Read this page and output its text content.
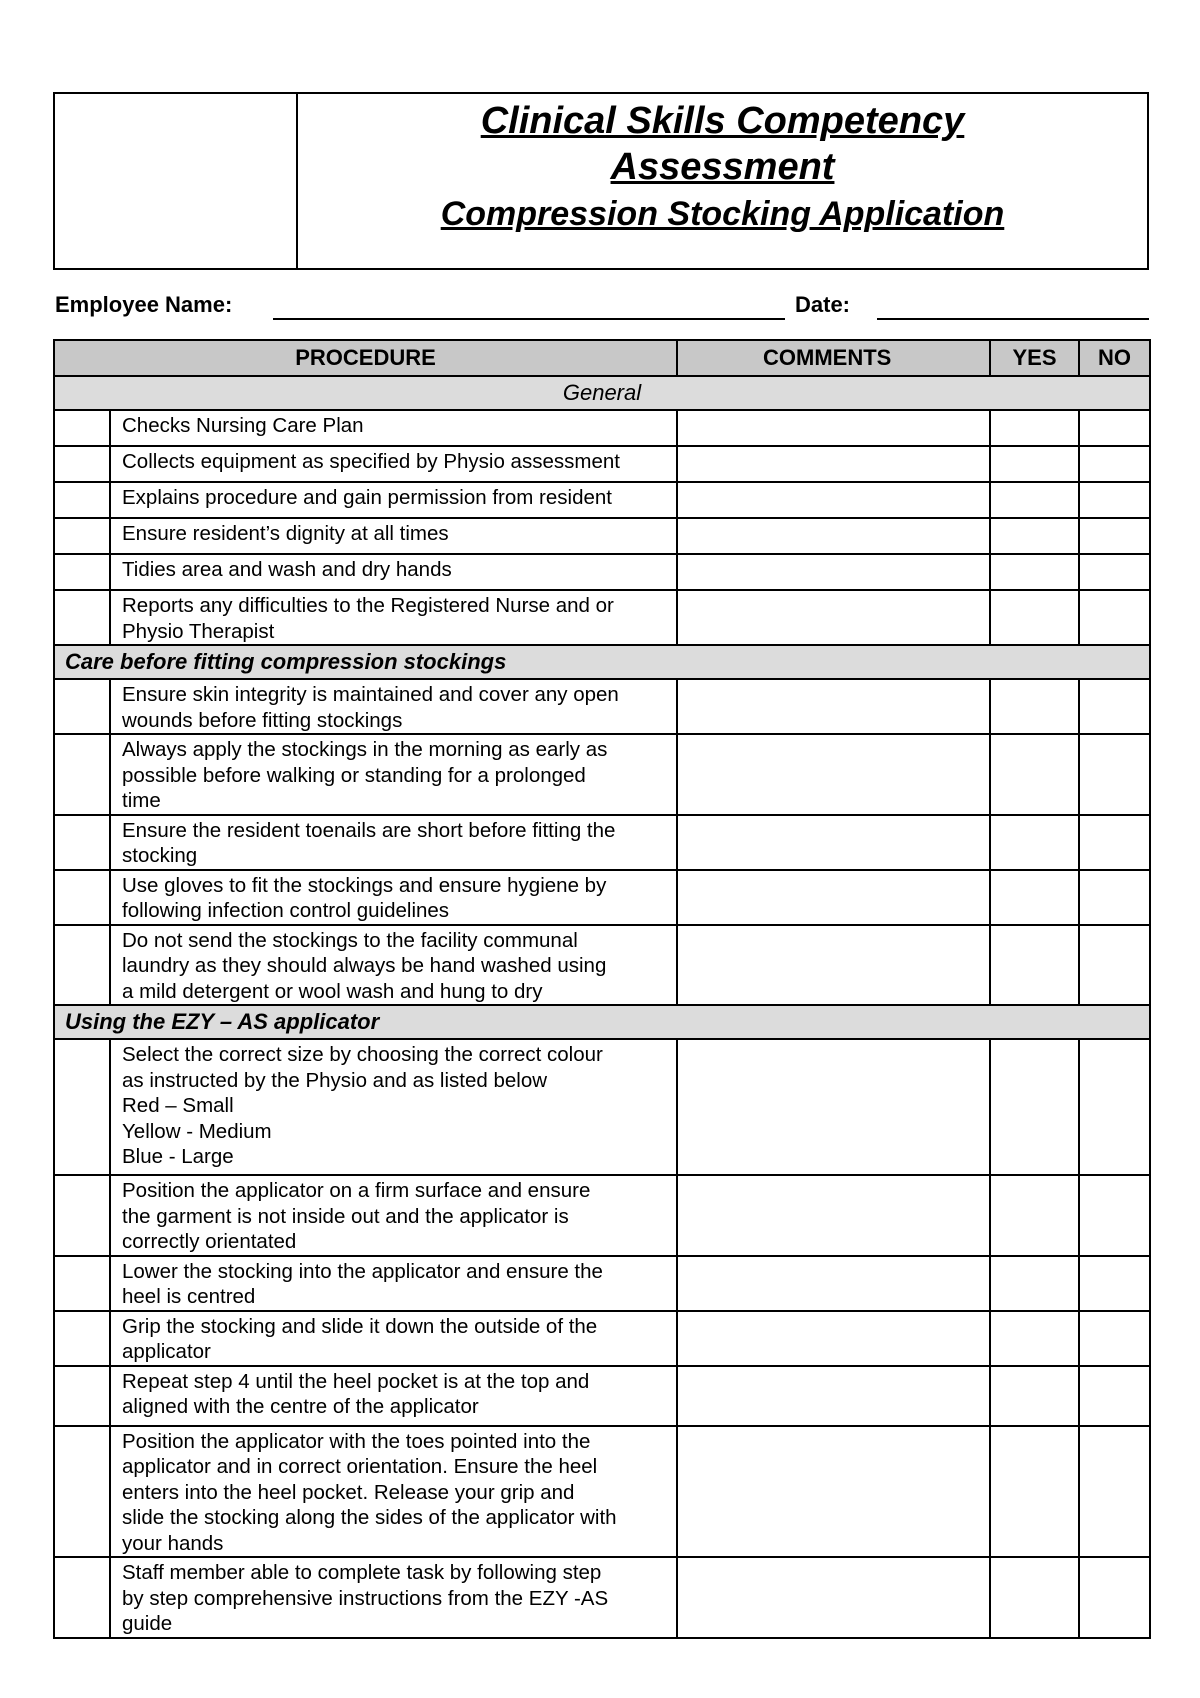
Clinical Skills Competency
Assessment
Compression Stocking Application
Employee Name:	Date:
PROCEDURE		COMMENTS	YES	NO
General				

	Checks Nursing Care Plan			

	Collects equipment as specified by Physio assessment			

	Explains procedure and gain permission from resident			

	Ensure resident’s dignity at all times			

	Tidies area and wash and dry hands			

	Reports any difficulties to the Registered Nurse and or
Physio Therapist			

Care before fitting compression stockings				

	Ensure skin integrity is maintained and cover any open
wounds before fitting stockings			

	Always apply the stockings in the morning as early as
possible before walking or standing for a prolonged
time			

	Ensure the resident toenails are short before fitting the
stocking			

	Use gloves to fit the stockings and ensure hygiene by
following infection control guidelines			

	Do not send the stockings to the facility communal
laundry as they should always be hand washed using
a mild detergent or wool wash and hung to dry			

Using the EZY – AS applicator				

	Select the correct size by choosing the correct colour
as instructed by the Physio and as listed below
Red – Small
Yellow - Medium
Blue - Large			

	Position the applicator on a firm surface and ensure
the garment is not inside out and the applicator is
correctly orientated			

	Lower the stocking into the applicator and ensure the
heel is centred			

	Grip the stocking and slide it down the outside of the
applicator			

	Repeat step 4 until the heel pocket is at the top and
aligned with the centre of the applicator			

	Position the applicator with the toes pointed into the
applicator and in correct orientation. Ensure the heel
enters into the heel pocket. Release your grip and
slide the stocking along the sides of the applicator with
your hands			

	Staff member able to complete task by following step
by step comprehensive instructions from the EZY -AS
guide			
